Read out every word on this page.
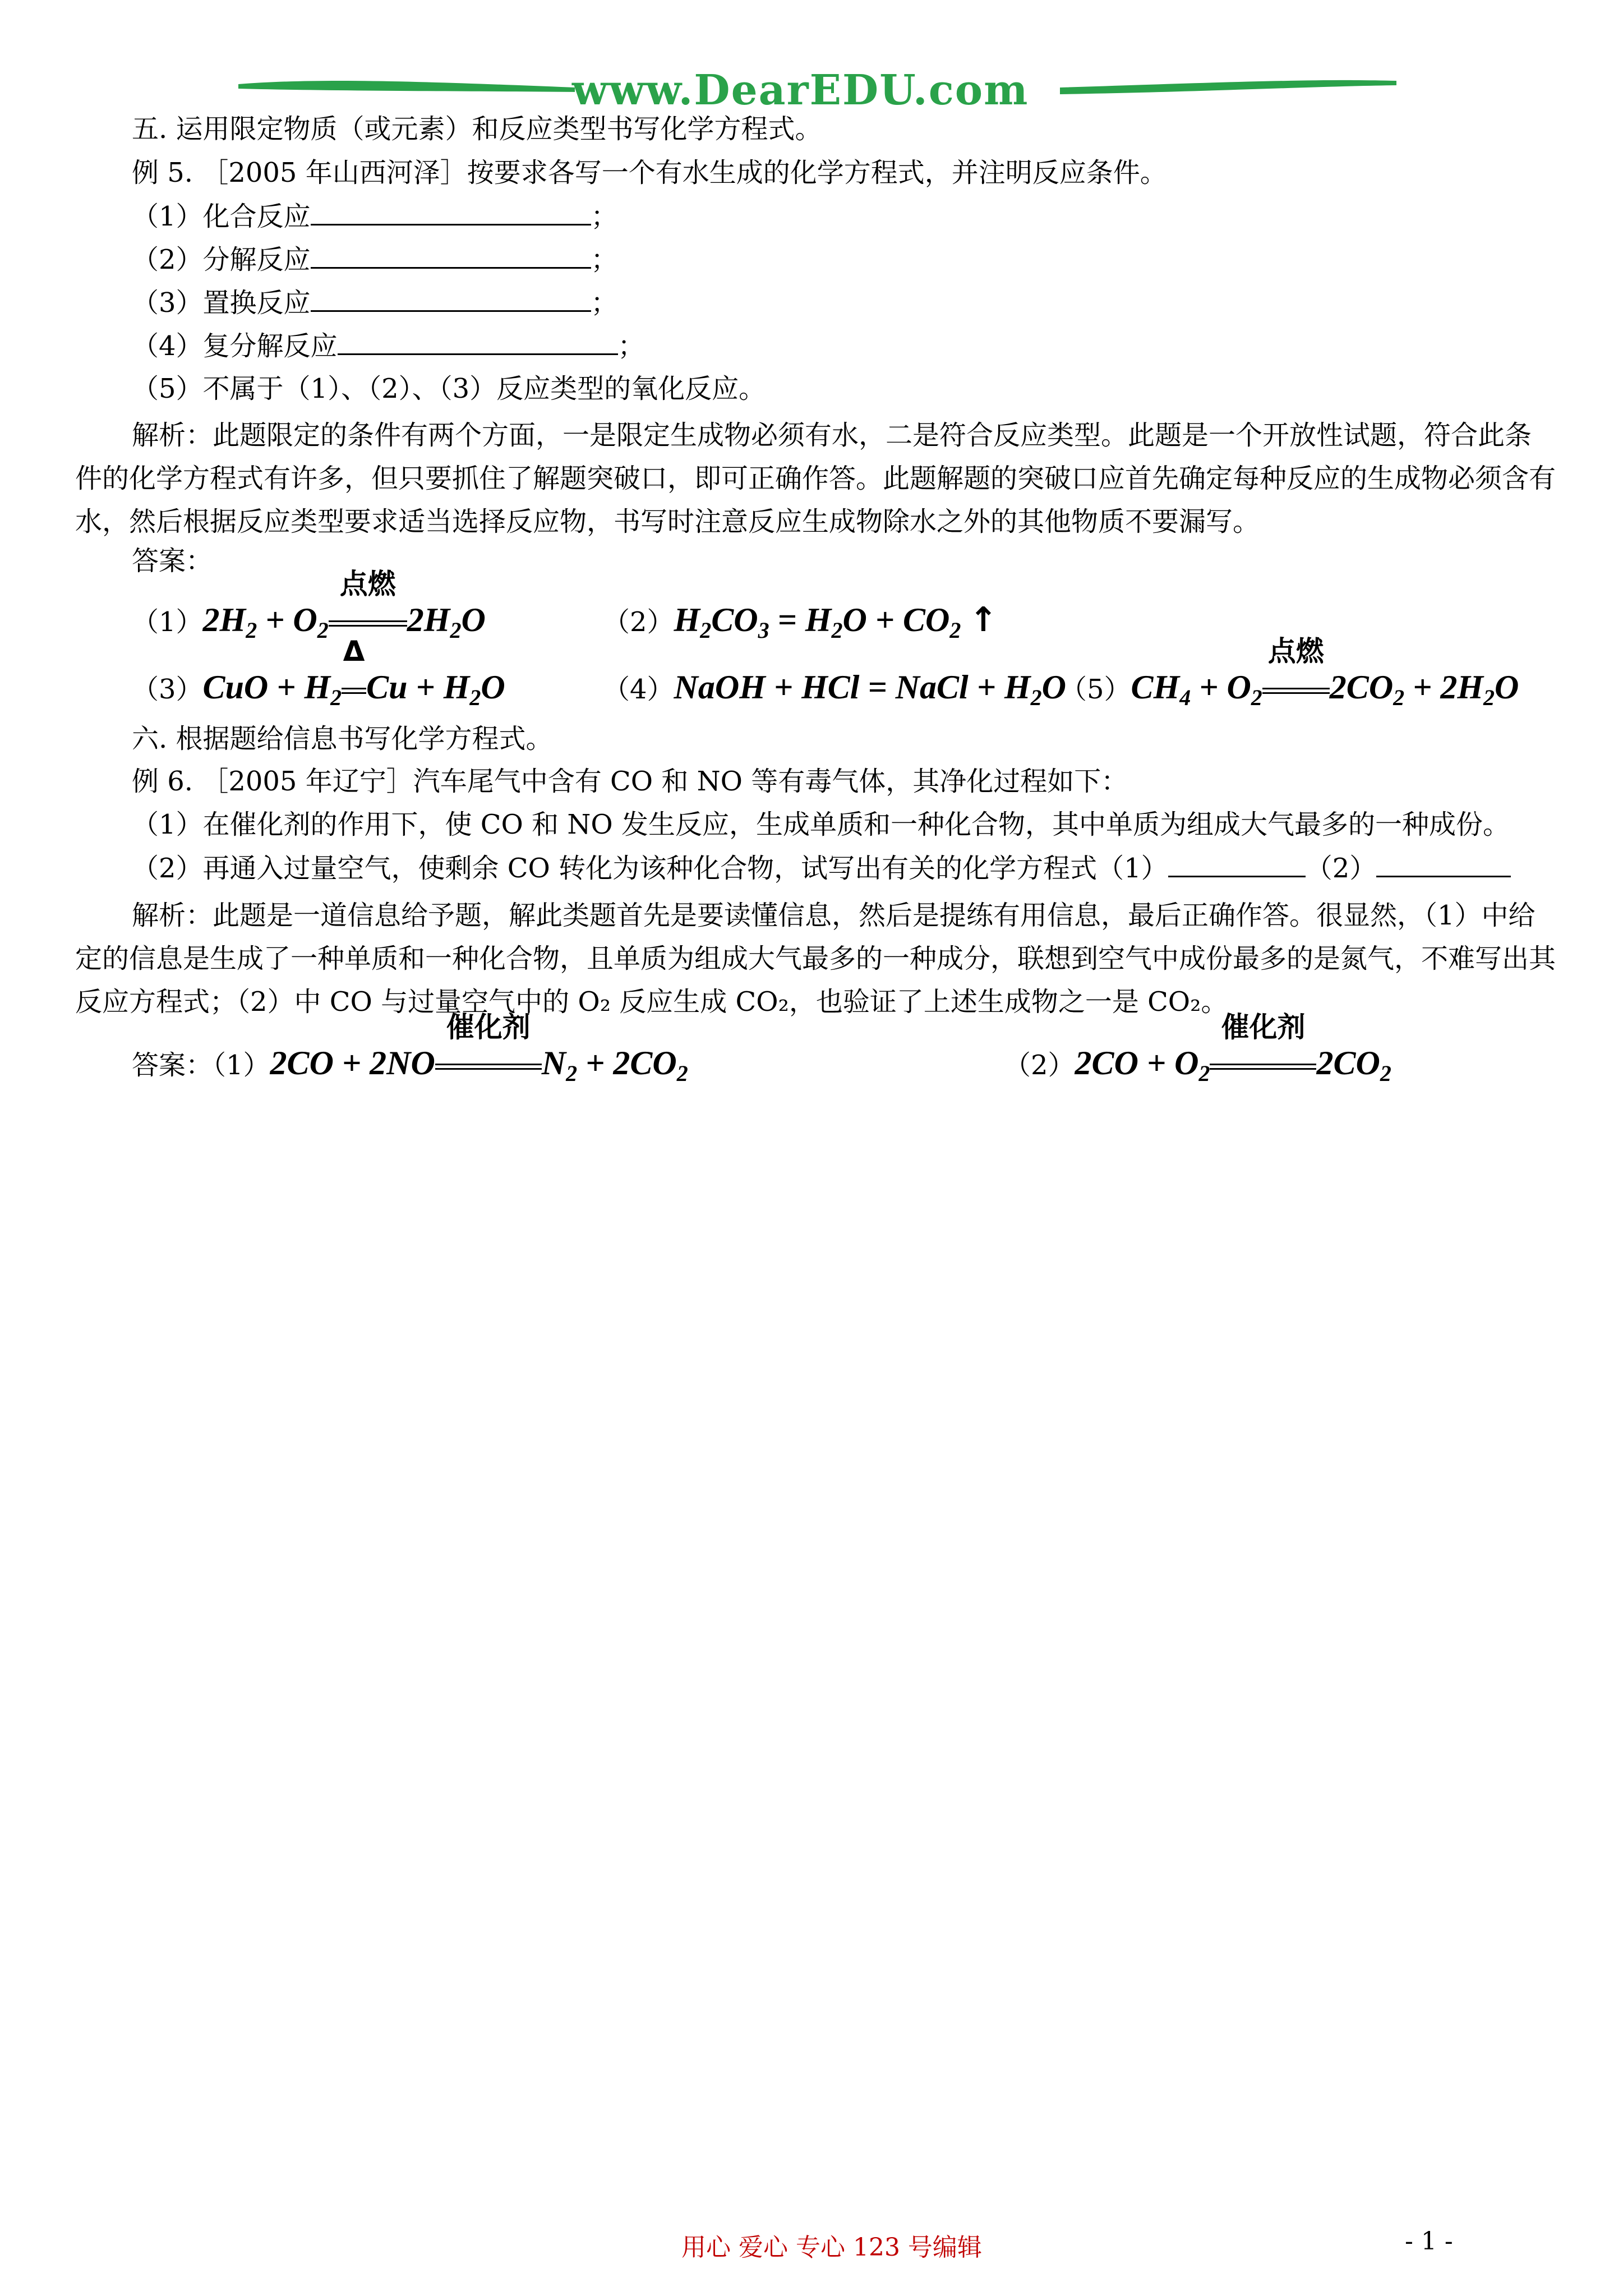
www.DearEDU.com
五. 运用限定物质（或元素）和反应类型书写化学方程式。
例 5. ［2005 年山西河泽］按要求各写一个有水生成的化学方程式，并注明反应条件。
（1）化合反应	；
（2）分解反应	；
（3）置换反应	；
（4）复分解反应	；
（5）不属于（1）、（2）、（3）反应类型的氧化反应。
解析：此题限定的条件有两个方面，一是限定生成物必须有水，二是符合反应类型。此题是一个开放性试题，符合此条件的化学方程式有许多，但只要抓住了解题突破口，即可正确作答。此题解题的突破口应首先确定每种反应的生成物必须含有水，然后根据反应类型要求适当选择反应物，书写时注意反应生成物除水之外的其他物质不要漏写。
答案：
$(1)2H_2 + O_2$
点燃
$2H_2O$	$(2)H_2CO_3 = H_2O + CO_2$ ↑
$(3)CuO + H_2$
Δ
$Cu + H_2O$	（4）NaOH + HCl = NaCl + $H_2O$
$(5)CH_4 + O_2$
点燃
$2CO_2 + 2H_2O$
六. 根据题给信息书写化学方程式。
例 6. ［2005 年辽宁］汽车尾气中含有 CO 和 NO 等有毒气体，其净化过程如下：
（1）在催化剂的作用下，使 CO 和 NO 发生反应，生成单质和一种化合物，其中单质为组成大气最多的一种成份。
（2）再通入过量空气，使剩余 CO 转化为该种化合物，试写出有关的化学方程式（1）	（2）
解析：此题是一道信息给予题，解此类题首先是要读懂信息，然后是提练有用信息，最后正确作答。很显然，（1）中给定的信息是生成了一种单质和一种化合物，且单质为组成大气最多的一种成分，联想到空气中成份最多的是氮气，不难写出其反应方程式；（2）中 CO 与过量空气中的 O₂ 反应生成 CO₂，也验证了上述生成物之一是 CO₂。
答案：（1）2CO + 2NO
催化剂
$N_2 + 2CO_2$	$(2)2CO + O_2$
催化剂
$2CO_2$
用心 爱心 专心 123 号编辑	- 1 -
